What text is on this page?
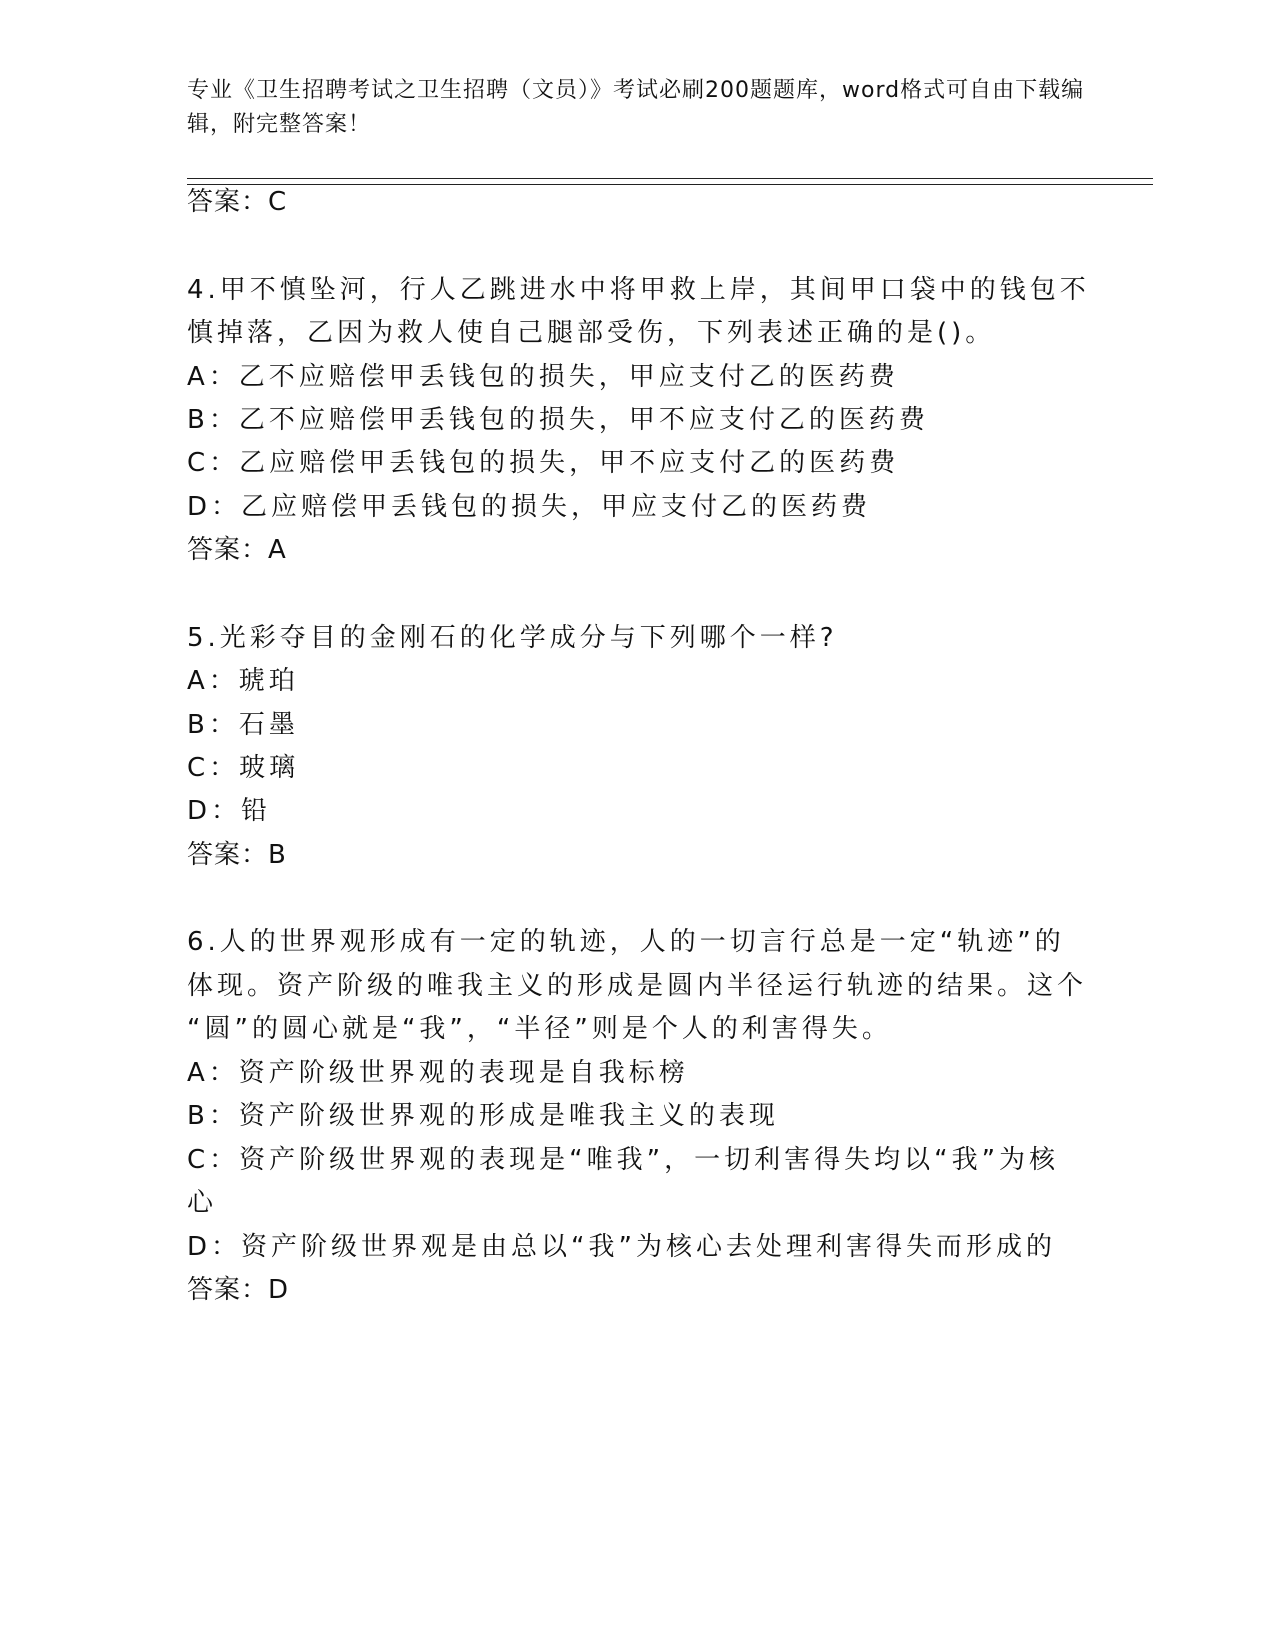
专业《卫生招聘考试之卫生招聘（文员）》考试必刷200题题库，word格式可自由下载编辑，附完整答案！
答案：C
4.甲不慎坠河，行人乙跳进水中将甲救上岸，其间甲口袋中的钱包不
慎掉落，乙因为救人使自己腿部受伤，下列表述正确的是()。
A：乙不应赔偿甲丢钱包的损失，甲应支付乙的医药费
B：乙不应赔偿甲丢钱包的损失，甲不应支付乙的医药费
C：乙应赔偿甲丢钱包的损失，甲不应支付乙的医药费
D：乙应赔偿甲丢钱包的损失，甲应支付乙的医药费
答案：A
5.光彩夺目的金刚石的化学成分与下列哪个一样?
A：琥珀
B：石墨
C：玻璃
D：铅
答案：B
6.人的世界观形成有一定的轨迹，人的一切言行总是一定“轨迹”的
体现。资产阶级的唯我主义的形成是圆内半径运行轨迹的结果。这个
“圆”的圆心就是“我”，“半径”则是个人的利害得失。
A：资产阶级世界观的表现是自我标榜
B：资产阶级世界观的形成是唯我主义的表现
C：资产阶级世界观的表现是“唯我”，一切利害得失均以“我”为核
心
D：资产阶级世界观是由总以“我”为核心去处理利害得失而形成的
答案：D
